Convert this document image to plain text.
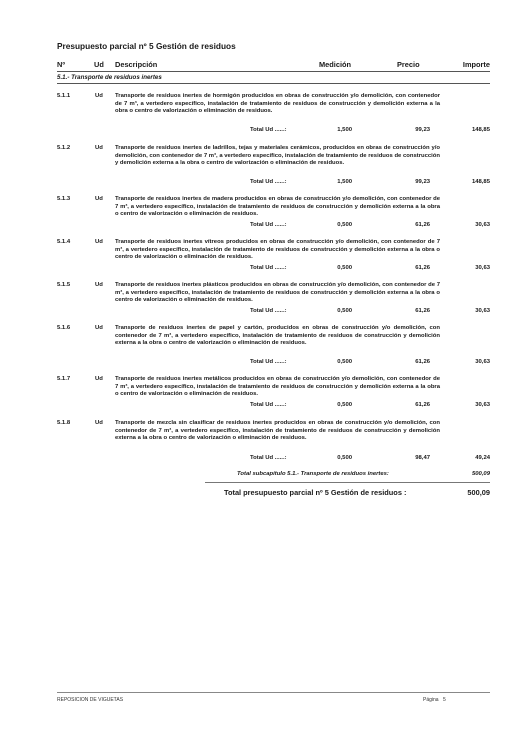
Presupuesto parcial nº 5 Gestión de residuos
Nº	Ud Descripción	Medición	Precio	Importe
5.1.- Transporte de residuos inertes
5.1.1	Ud Transporte de residuos inertes de hormigón producidos en obras de construcción y/o demolición, con contenedor de 7 m³, a vertedero específico, instalación de tratamiento de residuos de construcción y demolición externa a la obra o centro de valorización o eliminación de residuos.
Total Ud ......:	1,500	99,23	148,85
5.1.2	Ud Transporte de residuos inertes de ladrillos, tejas y materiales cerámicos, producidos en obras de construcción y/o demolición, con contenedor de 7 m³, a vertedero específico, instalación de tratamiento de residuos de construcción y demolición externa a la obra o centro de valorización o eliminación de residuos.
Total Ud ......:	1,500	99,23	148,85
5.1.3	Ud Transporte de residuos inertes de madera producidos en obras de construcción y/o demolición, con contenedor de 7 m³, a vertedero específico, instalación de tratamiento de residuos de construcción y demolición externa a la obra o centro de valorización o eliminación de residuos.
Total Ud ......:	0,500	61,26	30,63
5.1.4	Ud Transporte de residuos inertes vítreos producidos en obras de construcción y/o demolición, con contenedor de 7 m³, a vertedero específico, instalación de tratamiento de residuos de construcción y demolición externa a la obra o centro de valorización o eliminación de residuos.
Total Ud ......:	0,500	61,26	30,63
5.1.5	Ud Transporte de residuos inertes plásticos producidos en obras de construcción y/o demolición, con contenedor de 7 m³, a vertedero específico, instalación de tratamiento de residuos de construcción y demolición externa a la obra o centro de valorización o eliminación de residuos.
Total Ud ......:	0,500	61,26	30,63
5.1.6	Ud Transporte de residuos inertes de papel y cartón, producidos en obras de construcción y/o demolición, con contenedor de 7 m³, a vertedero específico, instalación de tratamiento de residuos de construcción y demolición externa a la obra o centro de valorización o eliminación de residuos.
Total Ud ......:	0,500	61,26	30,63
5.1.7	Ud Transporte de residuos inertes metálicos producidos en obras de construcción y/o demolición, con contenedor de 7 m³, a vertedero específico, instalación de tratamiento de residuos de construcción y demolición externa a la obra o centro de valorización o eliminación de residuos.
Total Ud ......:	0,500	61,26	30,63
5.1.8	Ud Transporte de mezcla sin clasificar de residuos inertes producidos en obras de construcción y/o demolición, con contenedor de 7 m³, a vertedero específico, instalación de tratamiento de residuos de construcción y demolición externa a la obra o centro de valorización o eliminación de residuos.
Total Ud ......:	0,500	98,47	49,24
Total subcapítulo 5.1.- Transporte de residuos inertes:	500,09
Total presupuesto parcial nº 5 Gestión de residuos :	500,09
REPOSICION DE VIGUETAS	Página 5
